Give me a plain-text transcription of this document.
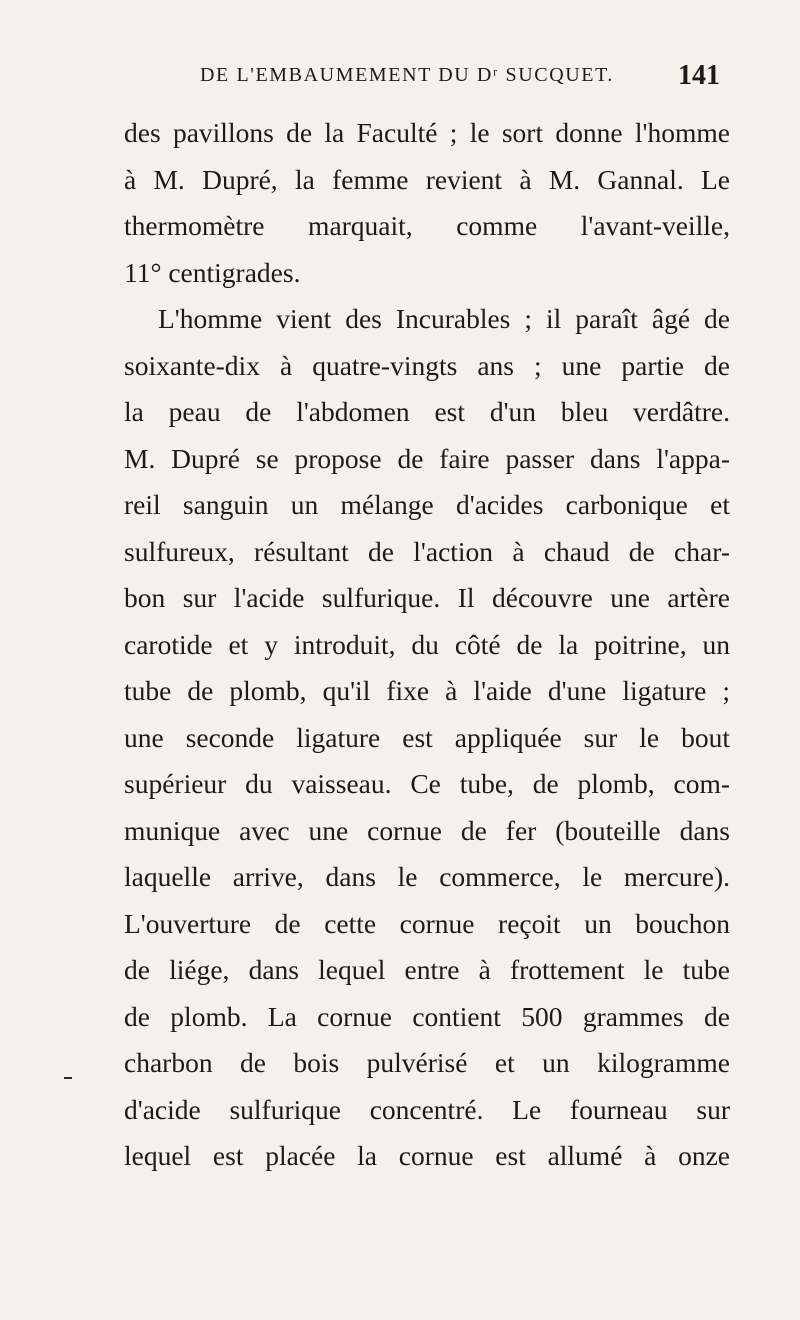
DE L'EMBAUMEMENT DU Dʳ SUCQUET. 141
des pavillons de la Faculté ; le sort donne l'homme
à M. Dupré, la femme revient à M. Gannal. Le
thermomètre marquait, comme l'avant-veille,
11° centigrades.
L'homme vient des Incurables ; il paraît âgé de
soixante-dix à quatre-vingts ans ; une partie de
la peau de l'abdomen est d'un bleu verdâtre.
M. Dupré se propose de faire passer dans l'appa-
reil sanguin un mélange d'acides carbonique et
sulfureux, résultant de l'action à chaud de char-
bon sur l'acide sulfurique. Il découvre une artère
carotide et y introduit, du côté de la poitrine, un
tube de plomb, qu'il fixe à l'aide d'une ligature ;
une seconde ligature est appliquée sur le bout
supérieur du vaisseau. Ce tube, de plomb, com-
munique avec une cornue de fer (bouteille dans
laquelle arrive, dans le commerce, le mercure).
L'ouverture de cette cornue reçoit un bouchon
de liége, dans lequel entre à frottement le tube
de plomb. La cornue contient 500 grammes de
charbon de bois pulvérisé et un kilogramme
d'acide sulfurique concentré. Le fourneau sur
lequel est placée la cornue est allumé à onze
